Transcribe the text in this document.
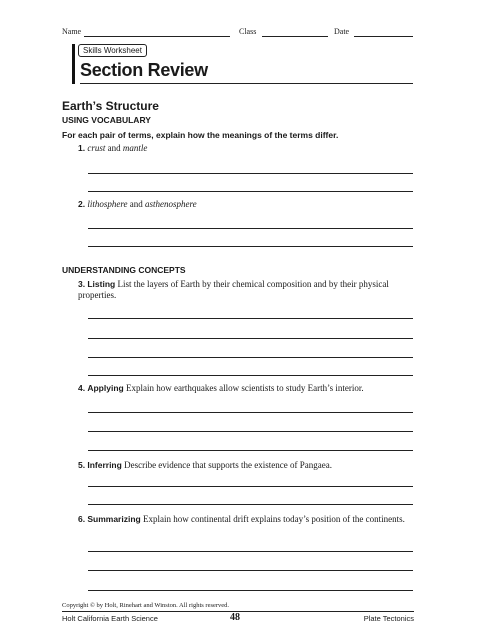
Name	Class	Date
Skills Worksheet
Section Review
Earth’s Structure
USING VOCABULARY
For each pair of terms, explain how the meanings of the terms differ.
1. crust and mantle
2. lithosphere and asthenosphere
UNDERSTANDING CONCEPTS
3. Listing List the layers of Earth by their chemical composition and by their physical properties.
4. Applying Explain how earthquakes allow scientists to study Earth’s interior.
5. Inferring Describe evidence that supports the existence of Pangaea.
6. Summarizing Explain how continental drift explains today’s position of the continents.
Copyright © by Holt, Rinehart and Winston. All rights reserved.
Holt California Earth Science	48	Plate Tectonics
